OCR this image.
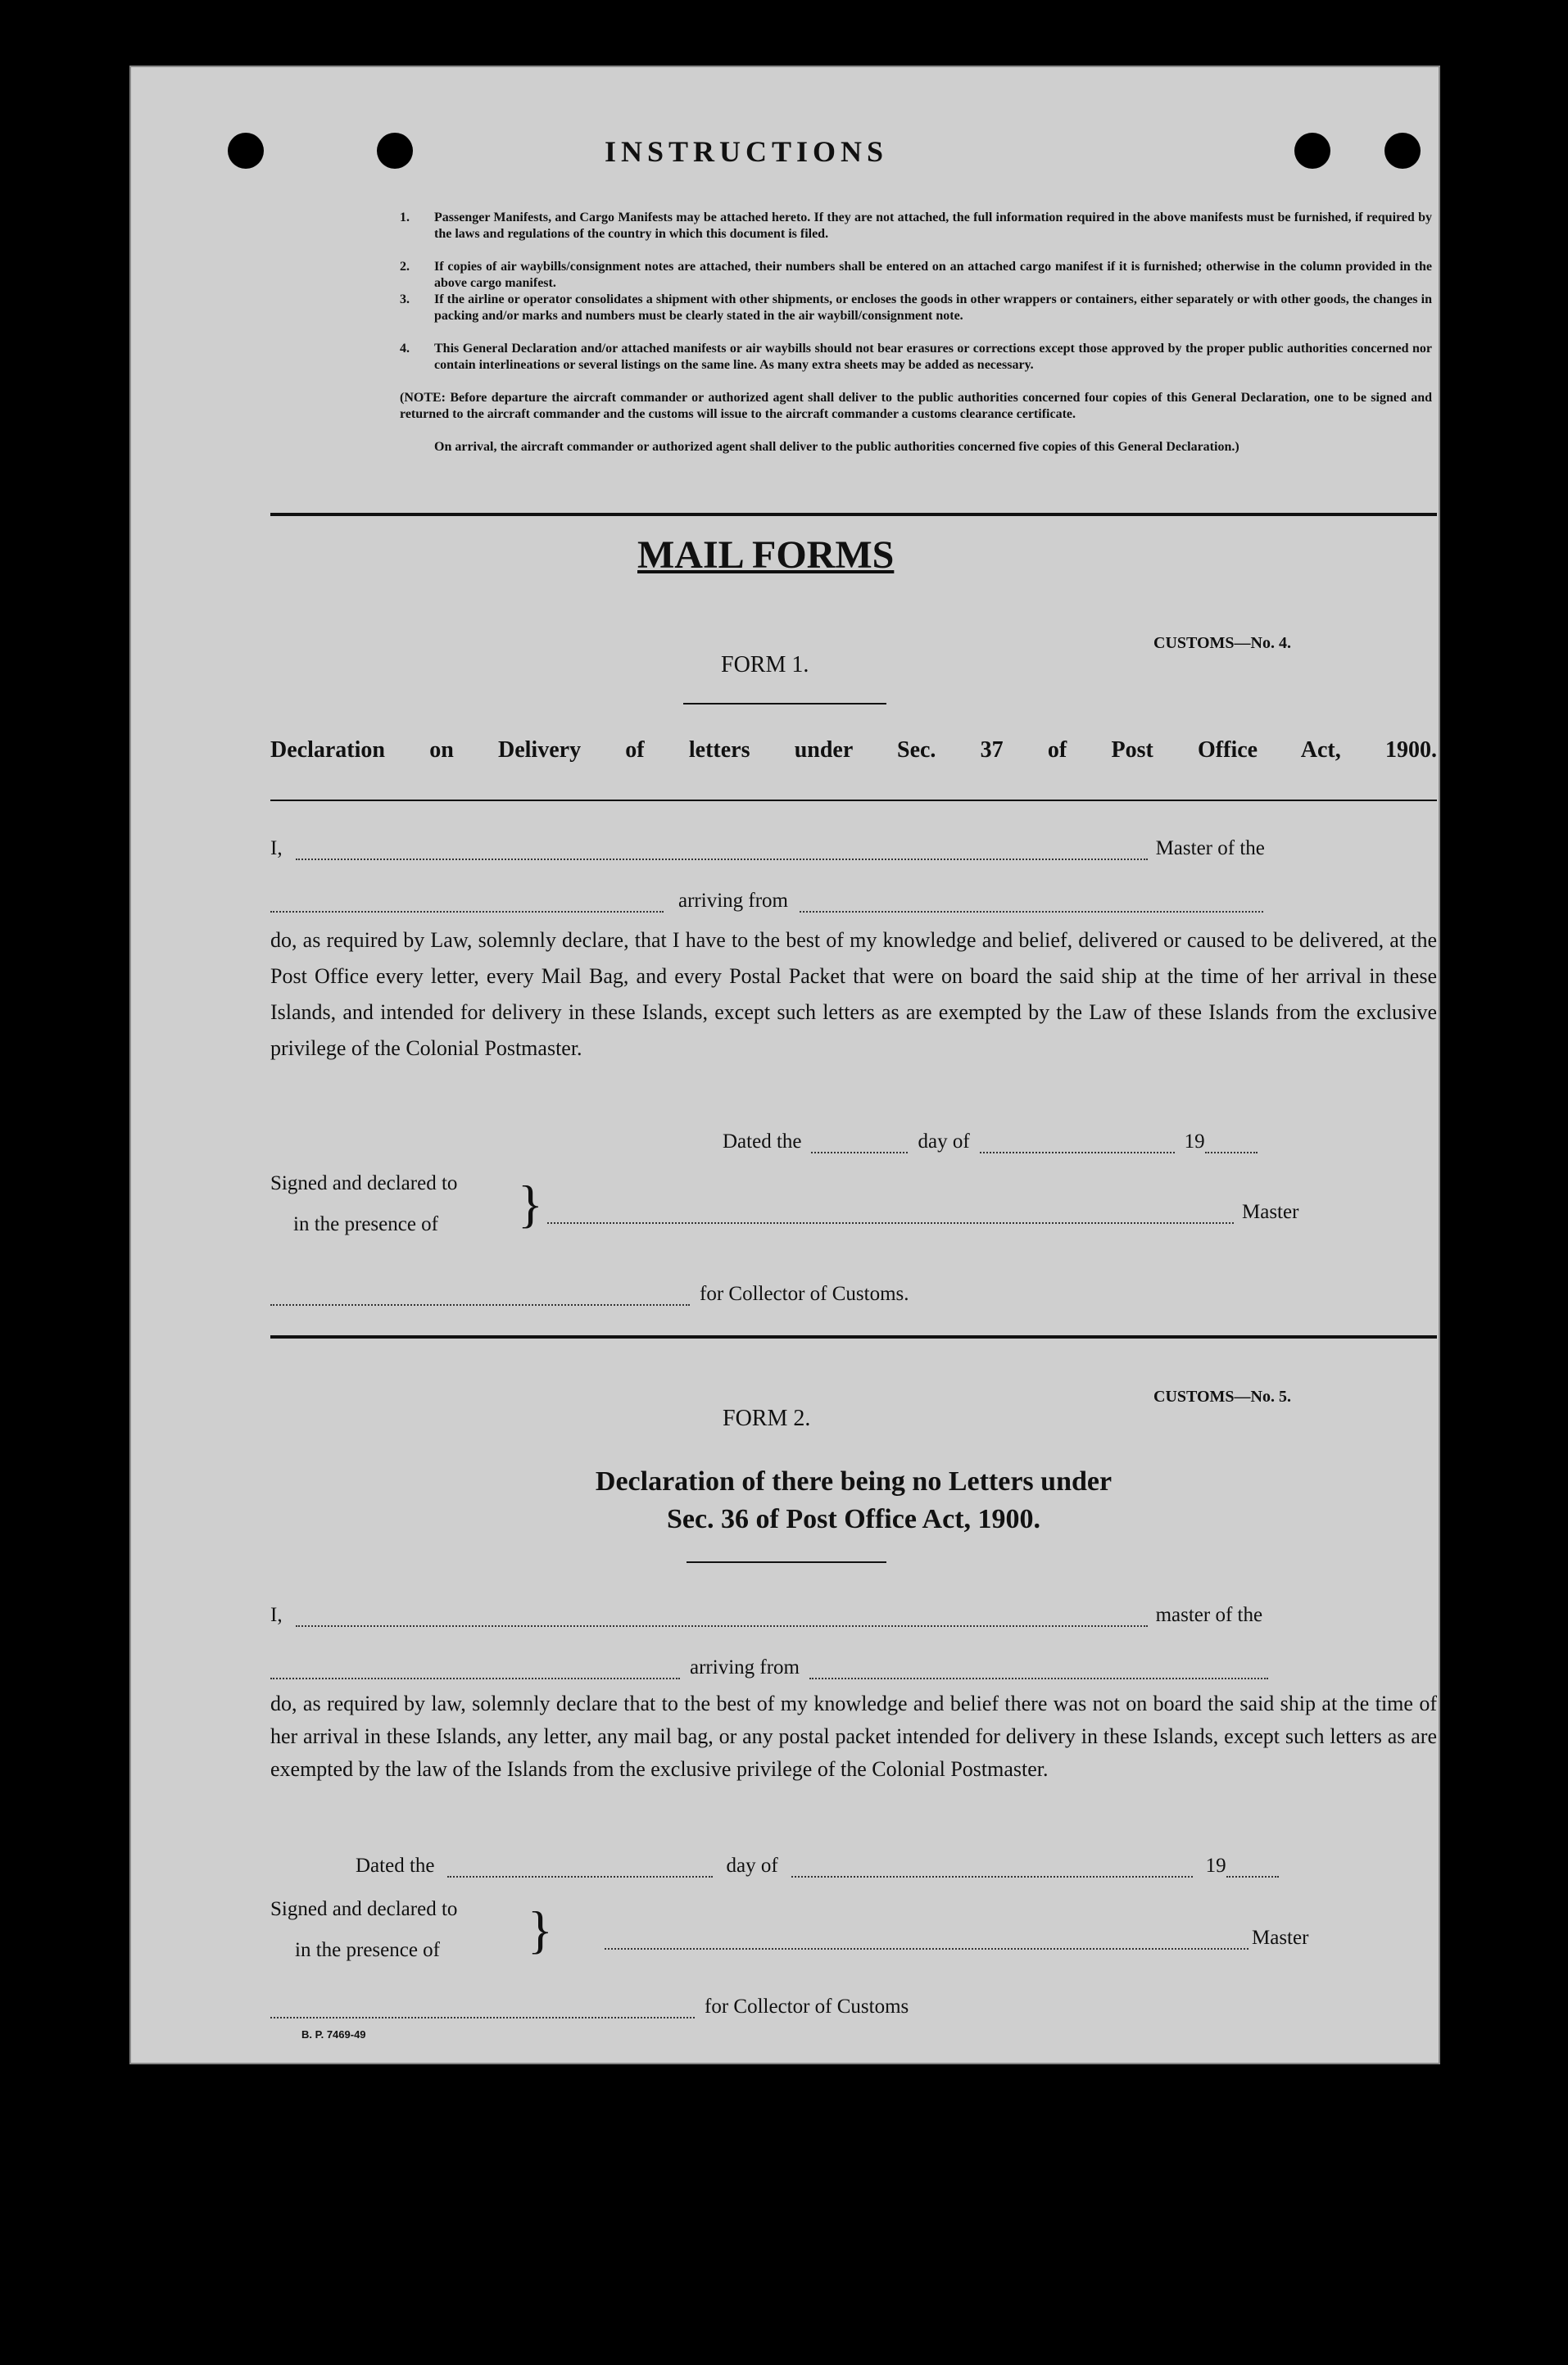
INSTRUCTIONS
1. Passenger Manifests, and Cargo Manifests may be attached hereto. If they are not attached, the full information required in the above manifests must be furnished, if required by the laws and regulations of the country in which this document is filed.
2. If copies of air waybills/consignment notes are attached, their numbers shall be entered on an attached cargo manifest if it is furnished; otherwise in the column provided in the above cargo manifest.
3. If the airline or operator consolidates a shipment with other shipments, or encloses the goods in other wrappers or containers, either separately or with other goods, the changes in packing and/or marks and numbers must be clearly stated in the air waybill/consignment note.
4. This General Declaration and/or attached manifests or air waybills should not bear erasures or corrections except those approved by the proper public authorities concerned nor contain interlineations or several listings on the same line. As many extra sheets may be added as necessary.
(NOTE: Before departure the aircraft commander or authorized agent shall deliver to the public authorities concerned four copies of this General Declaration, one to be signed and returned to the aircraft commander and the customs will issue to the aircraft commander a customs clearance certificate.
On arrival, the aircraft commander or authorized agent shall deliver to the public authorities concerned five copies of this General Declaration.)
MAIL FORMS
CUSTOMS—No. 4.
FORM 1.
Declaration on Delivery of letters under Sec. 37 of Post Office Act, 1900.
I,	Master of the
arriving from
do, as required by Law, solemnly declare, that I have to the best of my knowledge and belief, delivered or caused to be delivered, at the Post Office every letter, every Mail Bag, and every Postal Packet that were on board the said ship at the time of her arrival in these Islands, and intended for delivery in these Islands, except such letters as are exempted by the Law of these Islands from the exclusive privilege of the Colonial Postmaster.
Dated the	day of	19
Signed and declared to
in the presence of	}	Master
for Collector of Customs.
CUSTOMS—No. 5.
FORM 2.
Declaration of there being no Letters under
Sec. 36 of Post Office Act, 1900.
I,	master of the
arriving from
do, as required by law, solemnly declare that to the best of my knowledge and belief there was not on board the said ship at the time of her arrival in these Islands, any letter, any mail bag, or any postal packet intended for delivery in these Islands, except such letters as are exempted by the law of the Islands from the exclusive privilege of the Colonial Postmaster.
Dated the	day of	19
Signed and declared to
in the presence of	}	Master
for Collector of Customs
B. P. 7469-49
